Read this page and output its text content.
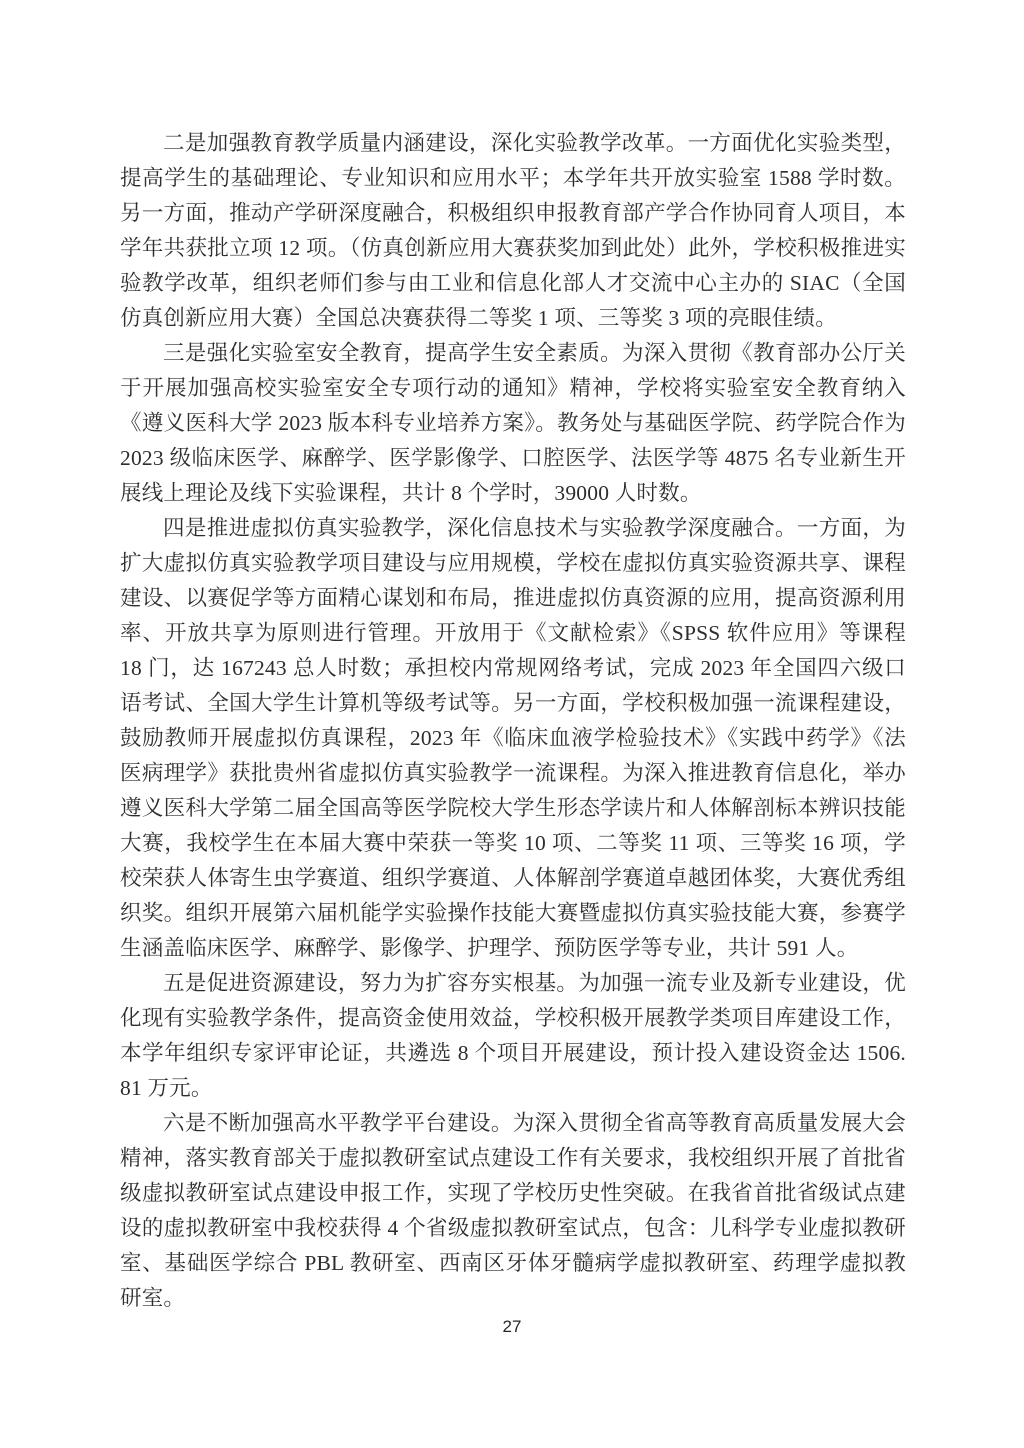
二是加强教育教学质量内涵建设，深化实验教学改革。一方面优化实验类型，提高学生的基础理论、专业知识和应用水平；本学年共开放实验室 1588 学时数。另一方面，推动产学研深度融合，积极组织申报教育部产学合作协同育人项目，本学年共获批立项 12 项。（仿真创新应用大赛获奖加到此处）此外，学校积极推进实验教学改革，组织老师们参与由工业和信息化部人才交流中心主办的 SIAC（全国仿真创新应用大赛）全国总决赛获得二等奖 1 项、三等奖 3 项的亮眼佳绩。

三是强化实验室安全教育，提高学生安全素质。为深入贯彻《教育部办公厅关于开展加强高校实验室安全专项行动的通知》精神，学校将实验室安全教育纳入《遵义医科大学 2023 版本科专业培养方案》。教务处与基础医学院、药学院合作为 2023 级临床医学、麻醉学、医学影像学、口腔医学、法医学等 4875 名专业新生开展线上理论及线下实验课程，共计 8 个学时，39000 人时数。

四是推进虚拟仿真实验教学，深化信息技术与实验教学深度融合。一方面，为扩大虚拟仿真实验教学项目建设与应用规模，学校在虚拟仿真实验资源共享、课程建设、以赛促学等方面精心谋划和布局，推进虚拟仿真资源的应用，提高资源利用率、开放共享为原则进行管理。开放用于《文献检索》《SPSS 软件应用》等课程 18 门，达 167243 总人时数；承担校内常规网络考试，完成 2023 年全国四六级口语考试、全国大学生计算机等级考试等。另一方面，学校积极加强一流课程建设，鼓励教师开展虚拟仿真课程，2023 年《临床血液学检验技术》《实践中药学》《法医病理学》获批贵州省虚拟仿真实验教学一流课程。为深入推进教育信息化，举办遵义医科大学第二届全国高等医学院校大学生形态学读片和人体解剖标本辨识技能大赛，我校学生在本届大赛中荣获一等奖 10 项、二等奖 11 项、三等奖 16 项，学校荣获人体寄生虫学赛道、组织学赛道、人体解剖学赛道卓越团体奖，大赛优秀组织奖。组织开展第六届机能学实验操作技能大赛暨虚拟仿真实验技能大赛，参赛学生涵盖临床医学、麻醉学、影像学、护理学、预防医学等专业，共计 591 人。

五是促进资源建设，努力为扩容夯实根基。为加强一流专业及新专业建设，优化现有实验教学条件，提高资金使用效益，学校积极开展教学类项目库建设工作，本学年组织专家评审论证，共遴选 8 个项目开展建设，预计投入建设资金达 1506. 81 万元。

六是不断加强高水平教学平台建设。为深入贯彻全省高等教育高质量发展大会精神，落实教育部关于虚拟教研室试点建设工作有关要求，我校组织开展了首批省级虚拟教研室试点建设申报工作，实现了学校历史性突破。在我省首批省级试点建设的虚拟教研室中我校获得 4 个省级虚拟教研室试点，包含：儿科学专业虚拟教研室、基础医学综合 PBL 教研室、西南区牙体牙髓病学虚拟教研室、药理学虚拟教研室。

27
